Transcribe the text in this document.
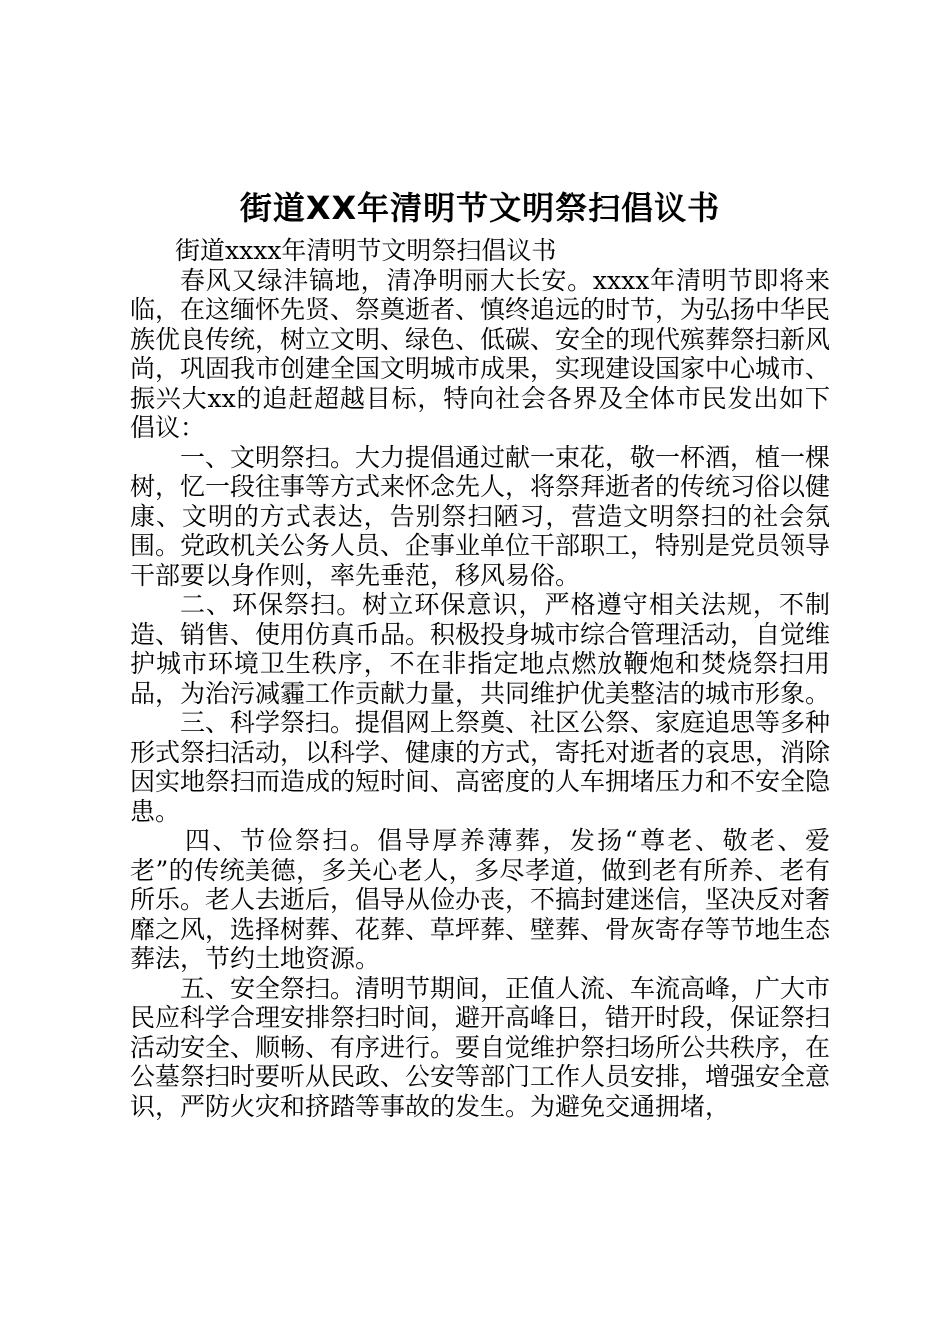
街道XX年清明节文明祭扫倡议书

街道xxxx年清明节文明祭扫倡议书

春风又绿沣镐地，清净明丽大长安。xxxx年清明节即将来临，在这缅怀先贤、祭奠逝者、慎终追远的时节，为弘扬中华民族优良传统，树立文明、绿色、低碳、安全的现代殡葬祭扫新风尚，巩固我市创建全国文明城市成果，实现建设国家中心城市、振兴大xx的追赶超越目标，特向社会各界及全体市民发出如下倡议：

一、文明祭扫。大力提倡通过献一束花，敬一杯酒，植一棵树，忆一段往事等方式来怀念先人，将祭拜逝者的传统习俗以健康、文明的方式表达，告别祭扫陋习，营造文明祭扫的社会氛围。党政机关公务人员、企事业单位干部职工，特别是党员领导干部要以身作则，率先垂范，移风易俗。

二、环保祭扫。树立环保意识，严格遵守相关法规，不制造、销售、使用仿真币品。积极投身城市综合管理活动，自觉维护城市环境卫生秩序，不在非指定地点燃放鞭炮和焚烧祭扫用品，为治污减霾工作贡献力量，共同维护优美整洁的城市形象。

三、科学祭扫。提倡网上祭奠、社区公祭、家庭追思等多种形式祭扫活动，以科学、健康的方式，寄托对逝者的哀思，消除因实地祭扫而造成的短时间、高密度的人车拥堵压力和不安全隐患。

四、节俭祭扫。倡导厚养薄葬，发扬“尊老、敬老、爱老”的传统美德，多关心老人，多尽孝道，做到老有所养、老有所乐。老人去逝后，倡导从俭办丧，不搞封建迷信，坚决反对奢靡之风，选择树葬、花葬、草坪葬、壁葬、骨灰寄存等节地生态葬法，节约土地资源。

五、安全祭扫。清明节期间，正值人流、车流高峰，广大市民应科学合理安排祭扫时间，避开高峰日，错开时段，保证祭扫活动安全、顺畅、有序进行。要自觉维护祭扫场所公共秩序，在公墓祭扫时要听从民政、公安等部门工作人员安排，增强安全意识，严防火灾和挤踏等事故的发生。为避免交通拥堵，
